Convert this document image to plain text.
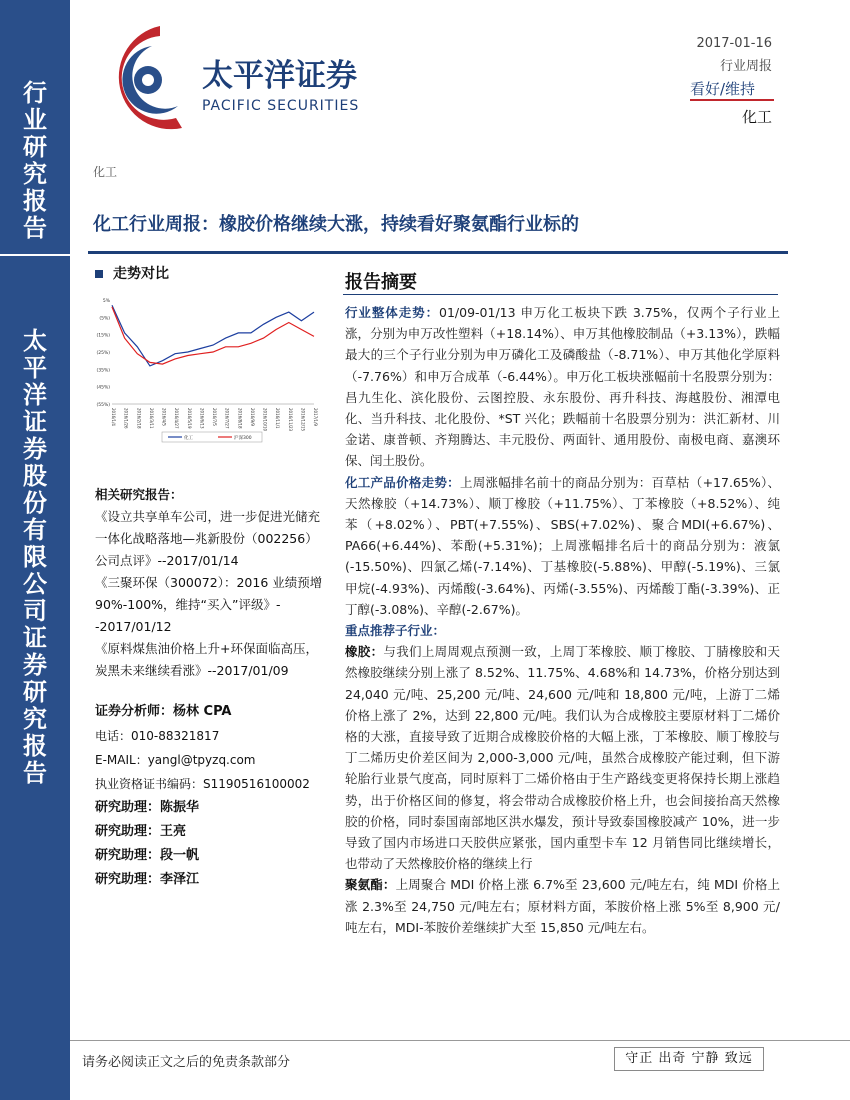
行
业
研
究
报
告
太
平
洋
证
券
股
份
有
限
公
司
证
券
研
究
报
告
太平洋证券
PACIFIC SECURITIES
2017-01-16
行业周报
看好/维持
化工
化工
化工行业周报：橡胶价格继续大涨，持续看好聚氨酯行业标的
走势对比
5%
(5%)
(15%)
(25%)
(35%)
(45%)
(55%)
2016/1/4 2016/1/26 2016/2/18 2016/3/11 2016/4/5 2016/4/27 2016/5/19 2016/6/13 2016/7/5 2016/7/27 2016/8/18 2016/9/9 2016/10/10 2016/11/1 2016/11/23 2016/12/15 2017/1/9
化工	沪深300

相关研究报告：

《设立共享单车公司，进一步促进光储充一体化战略落地—兆新股份（002256）公司点评》--2017/01/14

《三聚环保（300072）：2016 业绩预增 90%-100%，维持“买入”评级》--2017/01/12

《原料煤焦油价格上升+环保面临高压，炭黑未来继续看涨》--2017/01/09

证券分析师：杨林 CPA
电话：010-88321817
E-MAIL：yangl@tpyzq.com
执业资格证书编码：S1190516100002
研究助理：陈振华
研究助理：王亮
研究助理：段一帆
研究助理：李泽江
报告摘要

行业整体走势：01/09-01/13 申万化工板块下跌 3.75%，仅两个子行业上涨，分别为申万改性塑料（+18.14%）、申万其他橡胶制品（+3.13%），跌幅最大的三个子行业分别为申万磷化工及磷酸盐（-8.71%）、申万其他化学原料（-7.76%）和申万合成革（-6.44%）。申万化工板块涨幅前十名股票分别为：昌九生化、滨化股份、云图控股、永东股份、再升科技、海越股份、湘潭电化、当升科技、北化股份、*ST 兴化；跌幅前十名股票分别为：洪汇新材、川金诺、康普顿、齐翔腾达、丰元股份、两面针、通用股份、南极电商、嘉澳环保、闰土股份。

化工产品价格走势：上周涨幅排名前十的商品分别为：百草枯（+17.65%）、天然橡胶（+14.73%）、顺丁橡胶（+11.75%）、丁苯橡胶（+8.52%）、纯苯（+8.02%）、PBT(+7.55%)、SBS(+7.02%)、聚合MDI(+6.67%)、PA66(+6.44%)、苯酚(+5.31%)；上周涨幅排名后十的商品分别为：液氯(-15.50%)、四氯乙烯(-7.14%)、丁基橡胶(-5.88%)、甲醇(-5.19%)、三氯甲烷(-4.93%)、丙烯酸(-3.64%)、丙烯(-3.55%)、丙烯酸丁酯(-3.39%)、正丁醇(-3.08%)、辛醇(-2.67%)。

重点推荐子行业：

橡胶：与我们上周周观点预测一致，上周丁苯橡胶、顺丁橡胶、丁腈橡胶和天然橡胶继续分别上涨了 8.52%、11.75%、4.68%和 14.73%，价格分别达到 24,040 元/吨、25,200 元/吨、24,600 元/吨和 18,800 元/吨，上游丁二烯价格上涨了 2%，达到 22,800 元/吨。我们认为合成橡胶主要原材料丁二烯价格的大涨，直接导致了近期合成橡胶价格的大幅上涨，丁苯橡胶、顺丁橡胶与丁二烯历史价差区间为 2,000-3,000 元/吨，虽然合成橡胶产能过剩，但下游轮胎行业景气度高，同时原料丁二烯价格由于生产路线变更将保持长期上涨趋势，出于价格区间的修复，将会带动合成橡胶价格上升，也会间接抬高天然橡胶的价格，同时泰国南部地区洪水爆发，预计导致泰国橡胶减产 10%，进一步导致了国内市场进口天胶供应紧张，国内重型卡车 12 月销售同比继续增长，也带动了天然橡胶价格的继续上行

聚氨酯：上周聚合 MDI 价格上涨 6.7%至 23,600 元/吨左右，纯 MDI 价格上涨 2.3%至 24,750 元/吨左右；原材料方面，苯胺价格上涨 5%至 8,900 元/吨左右，MDI-苯胺价差继续扩大至 15,850 元/吨左右。

请务必阅读正文之后的免责条款部分	守正 出奇 宁静 致远
